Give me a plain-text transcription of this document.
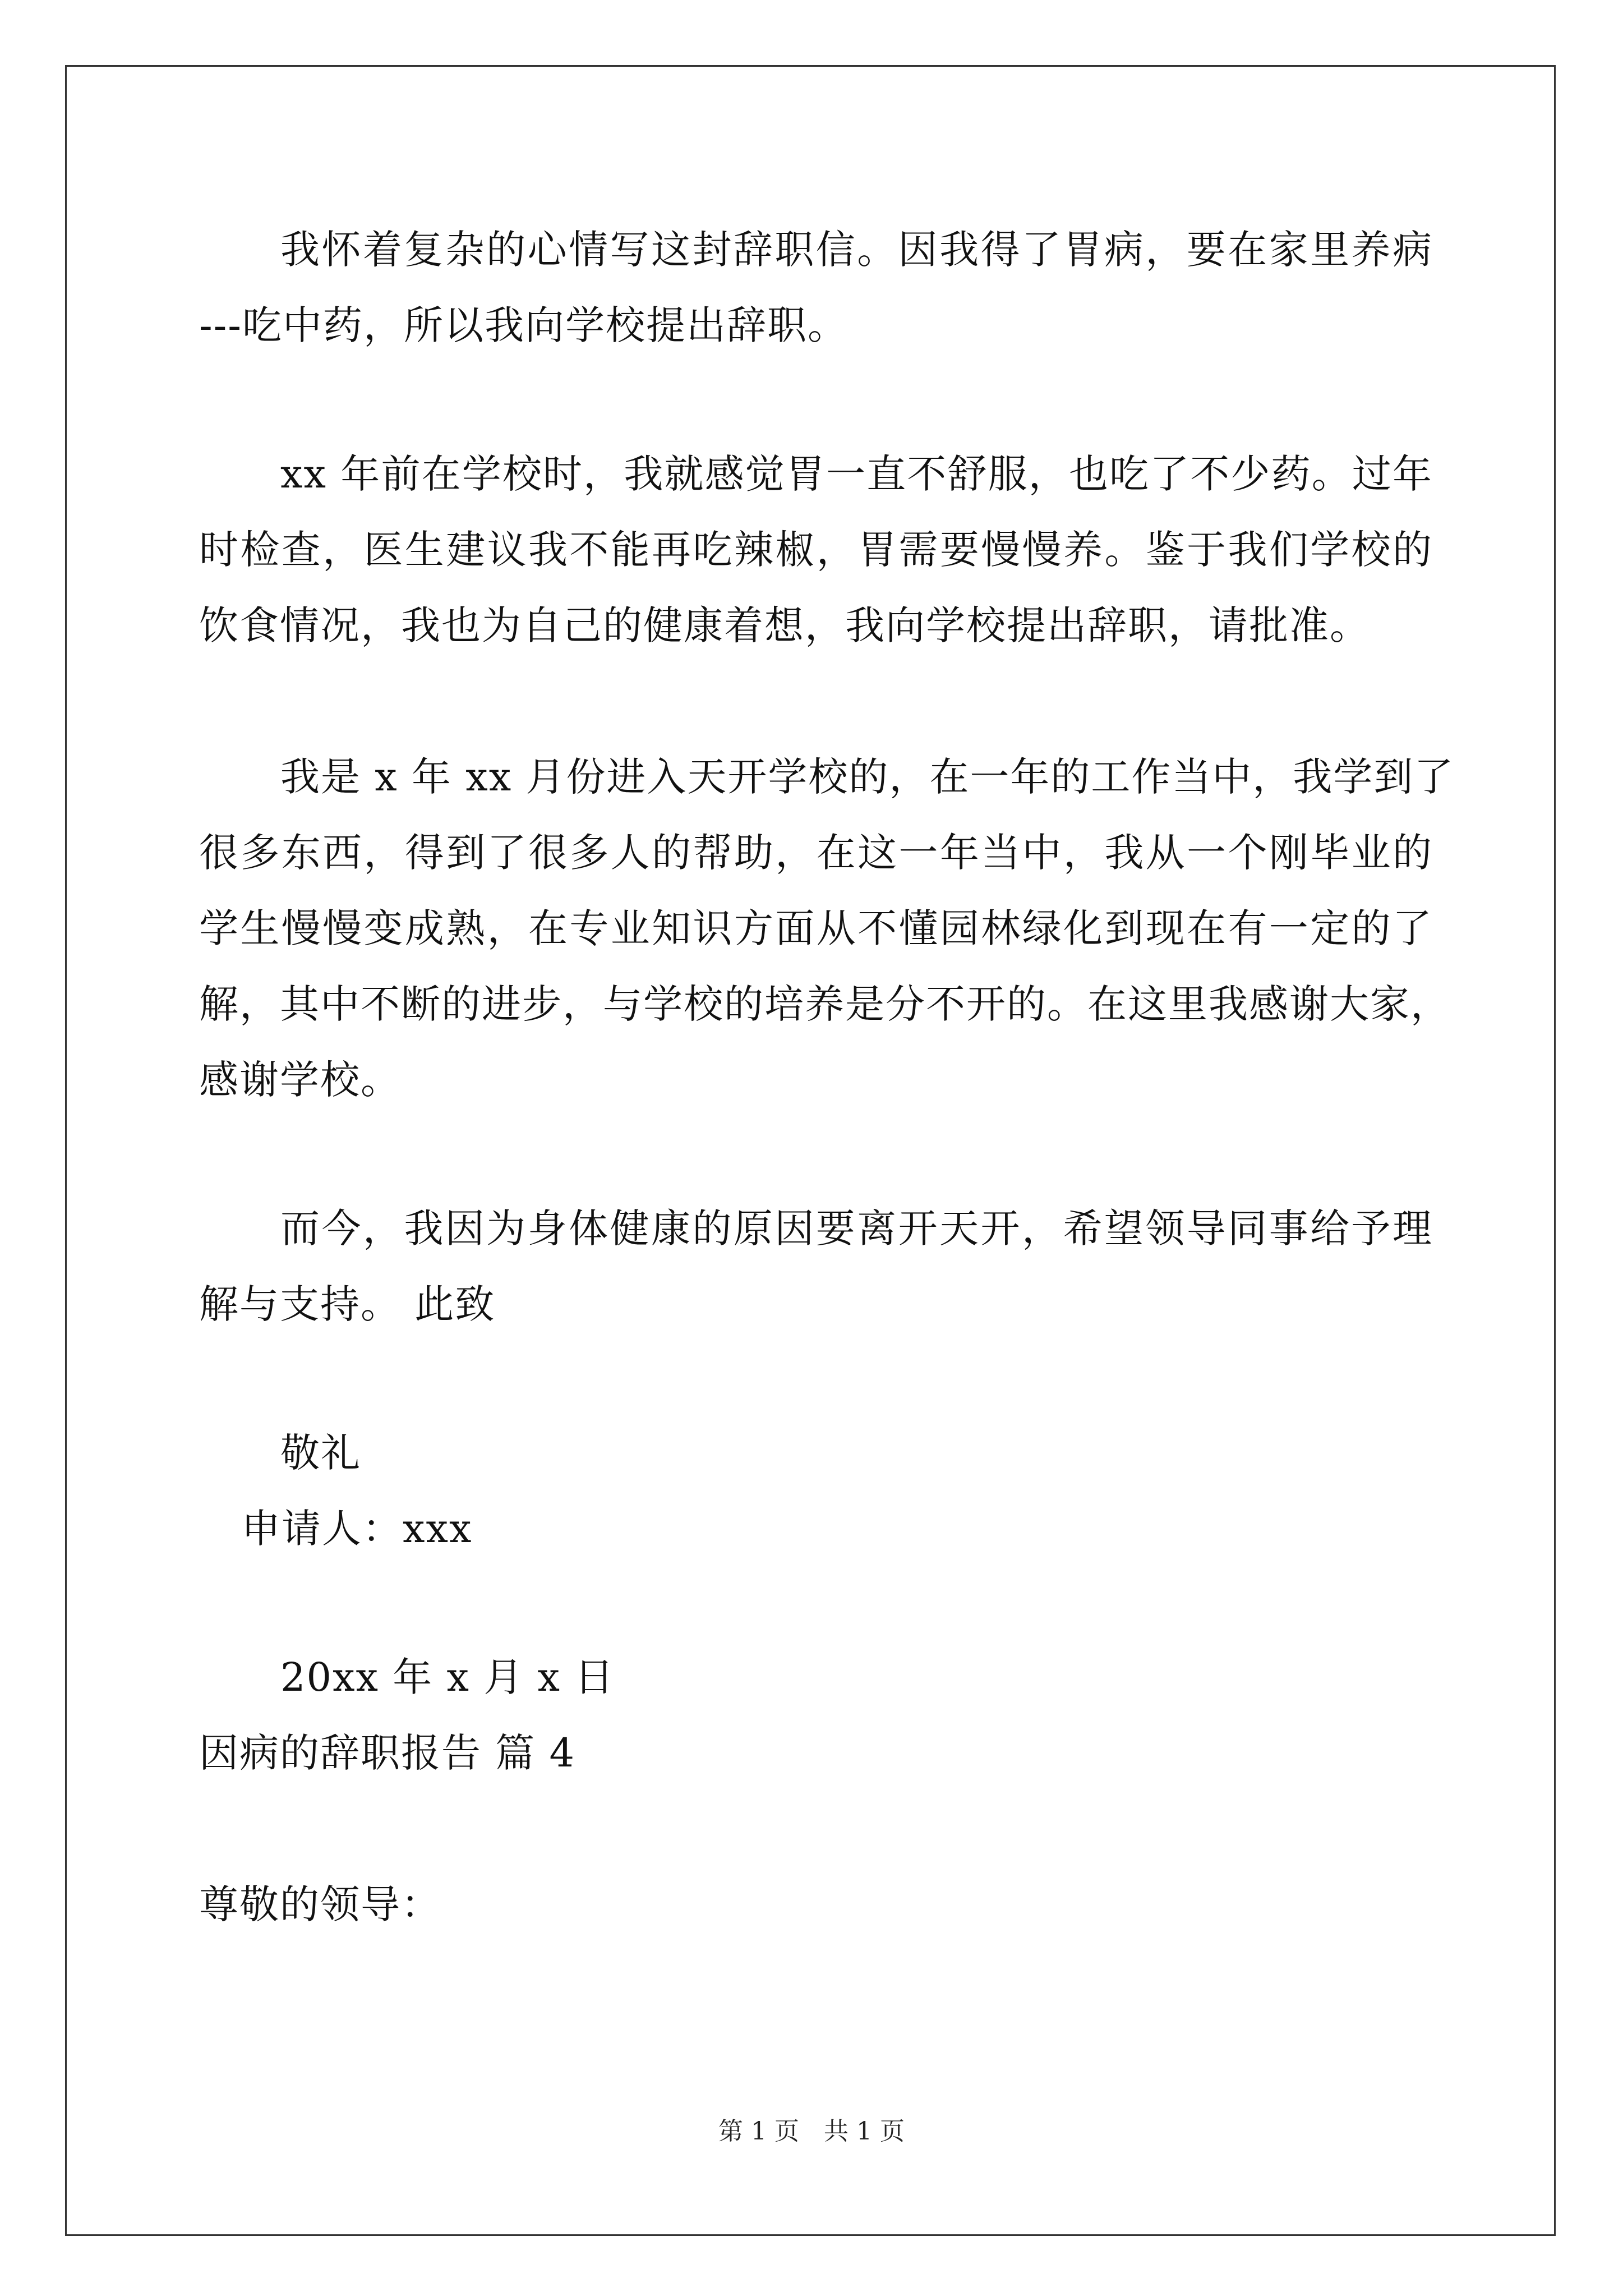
我怀着复杂的心情写这封辞职信。因我得了胃病，要在家里养病
---吃中药，所以我向学校提出辞职。
xx 年前在学校时，我就感觉胃一直不舒服，也吃了不少药。过年
时检查，医生建议我不能再吃辣椒，胃需要慢慢养。鉴于我们学校的
饮食情况，我也为自己的健康着想，我向学校提出辞职，请批准。
我是 x 年 xx 月份进入天开学校的，在一年的工作当中，我学到了
很多东西，得到了很多人的帮助，在这一年当中，我从一个刚毕业的
学生慢慢变成熟，在专业知识方面从不懂园林绿化到现在有一定的了
解，其中不断的进步，与学校的培养是分不开的。在这里我感谢大家，
感谢学校。
而今，我因为身体健康的原因要离开天开，希望领导同事给予理
解与支持。 此致
敬礼
申请人：xxx
20xx 年 x 月 x 日
因病的辞职报告 篇 4
尊敬的领导：
第 1 页　共 1 页
